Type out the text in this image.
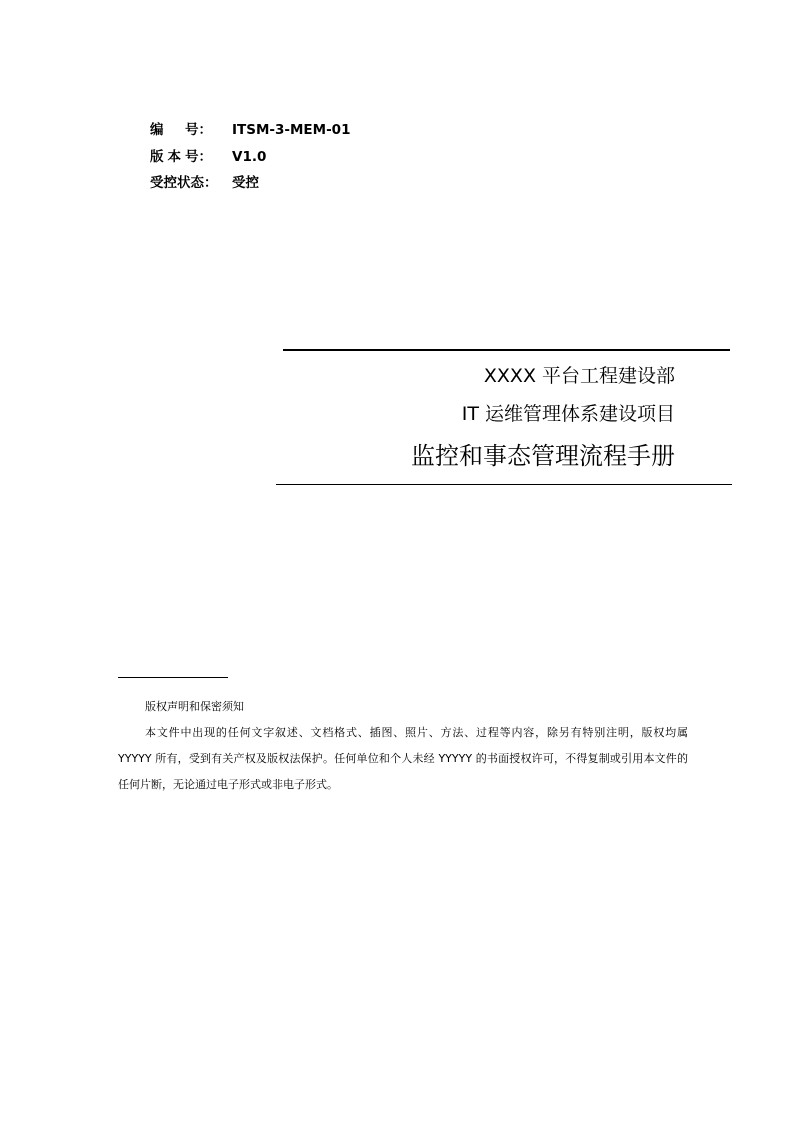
编 号： ITSM-3-MEM-01
版 本 号： V1.0
受控状态： 受控
XXXX 平台工程建设部
IT 运维管理体系建设项目
监控和事态管理流程手册
版权声明和保密须知
本文件中出现的任何文字叙述、文档格式、插图、照片、方法、过程等内容，除另有特别注明，版权均属 YYYYY 所有，受到有关产权及版权法保护。任何单位和个人未经 YYYYY 的书面授权许可，不得复制或引用本文件的任何片断，无论通过电子形式或非电子形式。
